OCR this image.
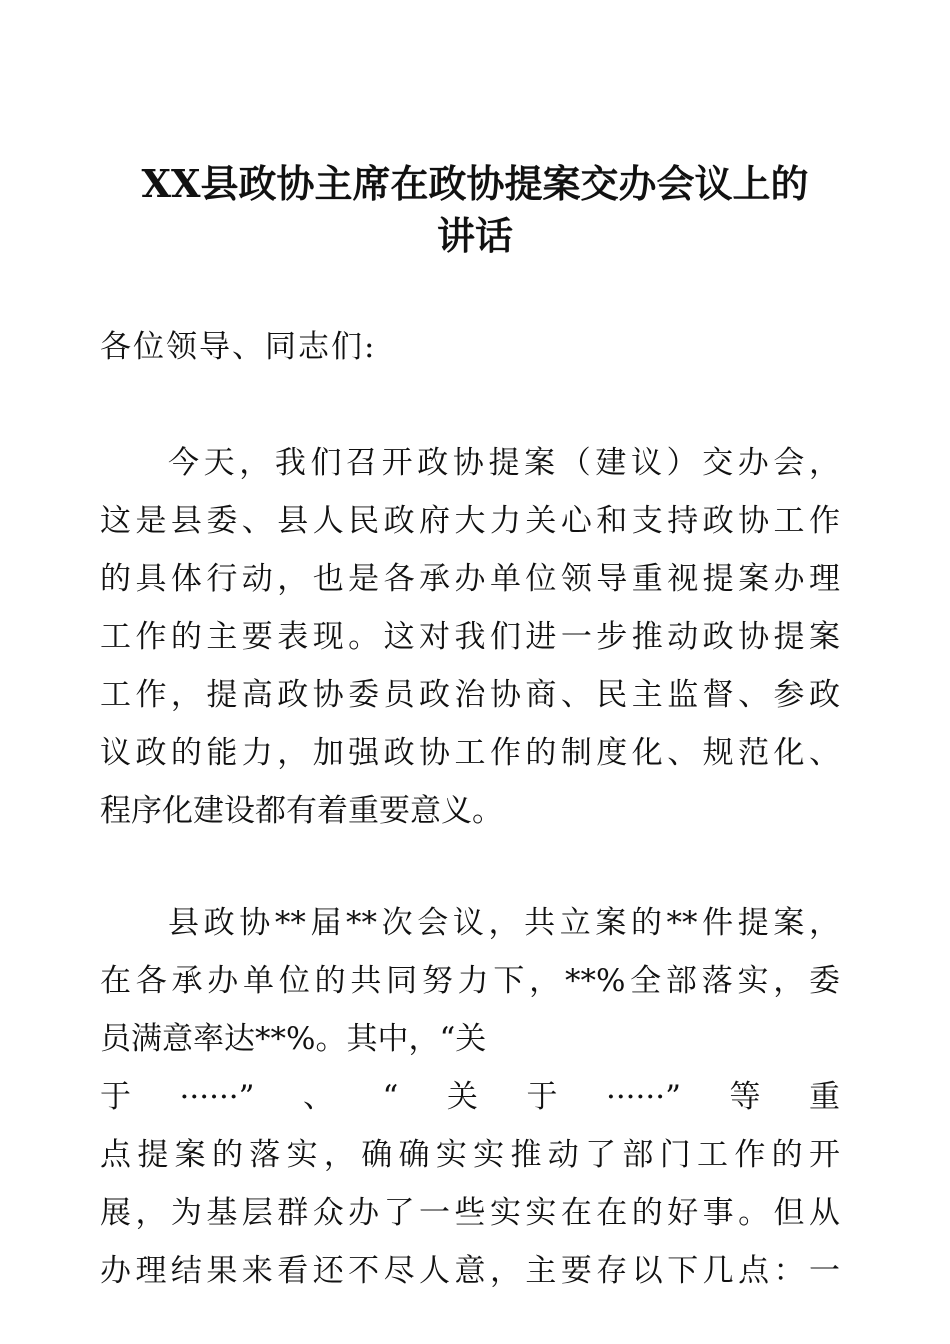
XX县政协主席在政协提案交办会议上的
讲话

各位领导、同志们:

今天，我们召开政协提案（建议）交办会，
这是县委、县人民政府大力关心和支持政协工作
的具体行动，也是各承办单位领导重视提案办理
工作的主要表现。这对我们进一步推动政协提案
工作，提高政协委员政治协商、民主监督、参政
议政的能力，加强政协工作的制度化、规范化、
程序化建设都有着重要意义。
县政协**届**次会议，共立案的**件提案，
在各承办单位的共同努力下，**%全部落实，委
员满意率达**%。其中，“关
于······”、“关于······”等重
点提案的落实，确确实实推动了部门工作的开
展，为基层群众办了一些实实在在的好事。但从
办理结果来看还不尽人意，主要存以下几点：一
